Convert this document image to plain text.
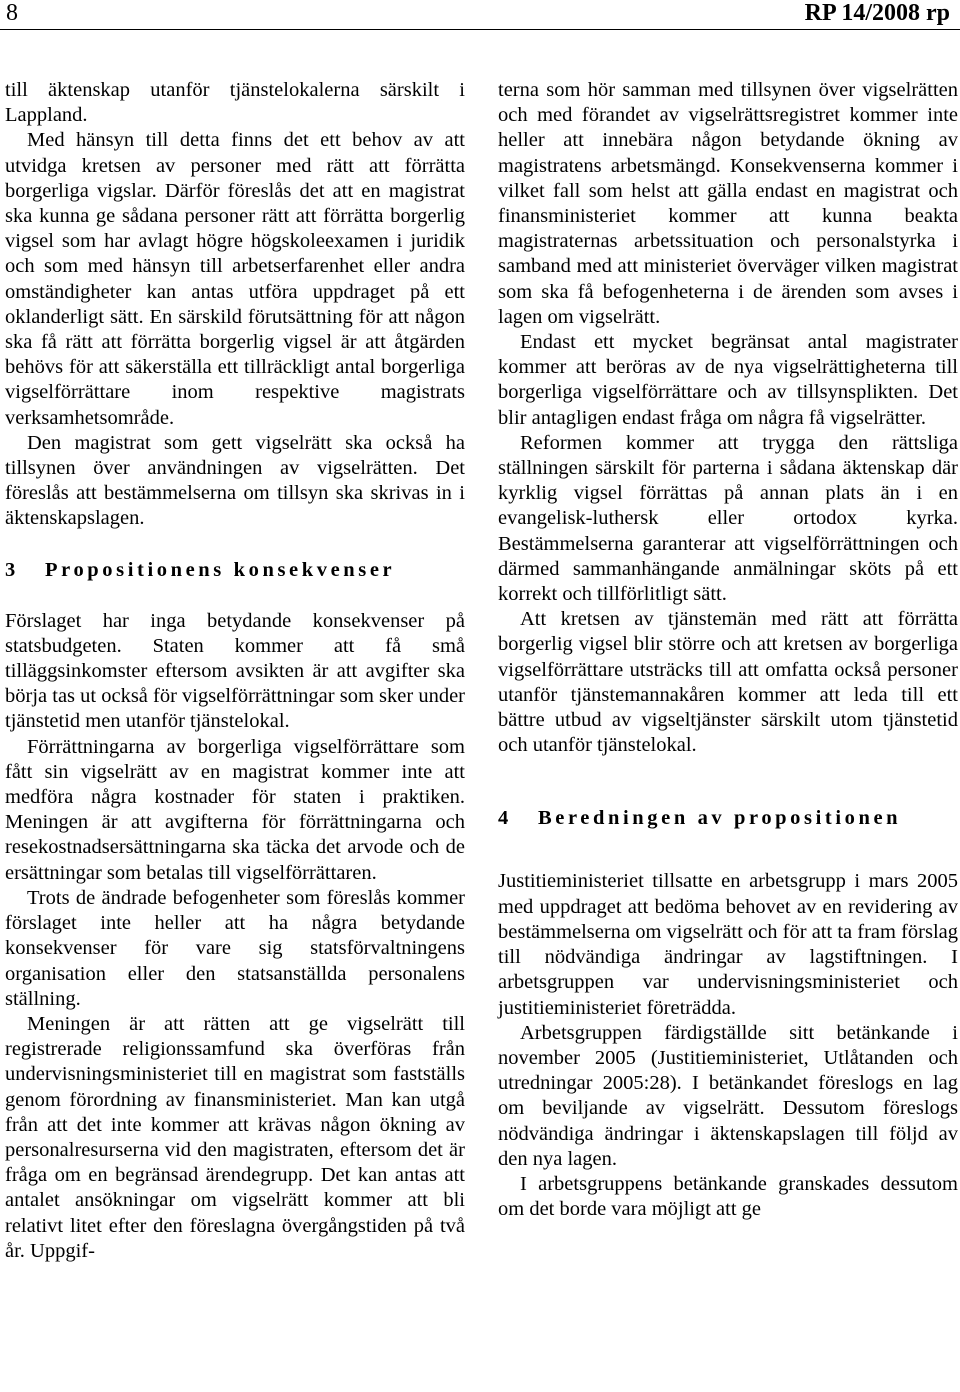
8	RP 14/2008 rp

till äktenskap utanför tjänstelokalerna särskilt i Lappland.

Med hänsyn till detta finns det ett behov av att utvidga kretsen av personer med rätt att förrätta borgerliga vigslar. Därför föreslås det att en magistrat ska kunna ge sådana personer rätt att förrätta borgerlig vigsel som har avlagt högre högskoleexamen i juridik och som med hänsyn till arbetserfarenhet eller andra omständigheter kan antas utföra uppdraget på ett oklanderligt sätt. En särskild förutsättning för att någon ska få rätt att förrätta borgerlig vigsel är att åtgärden behövs för att säkerställa ett tillräckligt antal borgerliga vigselförrättare inom respektive magistrats verksamhetsområde.

Den magistrat som gett vigselrätt ska också ha tillsynen över användningen av vigselrätten. Det föreslås att bestämmelserna om tillsyn ska skrivas in i äktenskapslagen.

3	Propositionens konsekvenser

Förslaget har inga betydande konsekvenser på statsbudgeten. Staten kommer att få små tilläggsinkomster eftersom avsikten är att avgifter ska börja tas ut också för vigselförrättningar som sker under tjänstetid men utanför tjänstelokal.

Förrättningarna av borgerliga vigselförrättare som fått sin vigselrätt av en magistrat kommer inte att medföra några kostnader för staten i praktiken. Meningen är att avgifterna för förrättningarna och resekostnadsersättningarna ska täcka det arvode och de ersättningar som betalas till vigselförrättaren.

Trots de ändrade befogenheter som föreslås kommer förslaget inte heller att ha några betydande konsekvenser för vare sig statsförvaltningens organisation eller den statsanställda personalens ställning.

Meningen är att rätten att ge vigselrätt till registrerade religionssamfund ska överföras från undervisningsministeriet till en magistrat som fastställs genom förordning av finansministeriet. Man kan utgå från att det inte kommer att krävas någon ökning av personalresurserna vid den magistraten, eftersom det är fråga om en begränsad ärendegrupp. Det kan antas att antalet ansökningar om vigselrätt kommer att bli relativt litet efter den föreslagna övergångstiden på två år. Uppgif-

terna som hör samman med tillsynen över vigselrätten och med förandet av vigselrättsregistret kommer inte heller att innebära någon betydande ökning av magistratens arbetsmängd. Konsekvenserna kommer i vilket fall som helst att gälla endast en magistrat och finansministeriet kommer att kunna beakta magistraternas arbetssituation och personalstyrka i samband med att ministeriet överväger vilken magistrat som ska få befogenheterna i de ärenden som avses i lagen om vigselrätt.

Endast ett mycket begränsat antal magistrater kommer att beröras av de nya vigselrättigheterna till borgerliga vigselförrättare och av tillsynsplikten. Det blir antagligen endast fråga om några få vigselrätter.

Reformen kommer att trygga den rättsliga ställningen särskilt för parterna i sådana äktenskap där kyrklig vigsel förrättas på annan plats än i en evangelisk-luthersk eller ortodox kyrka. Bestämmelserna garanterar att vigselförrättningen och därmed sammanhängande anmälningar sköts på ett korrekt och tillförlitligt sätt.

Att kretsen av tjänstemän med rätt att förrätta borgerlig vigsel blir större och att kretsen av borgerliga vigselförrättare utsträcks till att omfatta också personer utanför tjänstemannakåren kommer att leda till ett bättre utbud av vigseltjänster särskilt utom tjänstetid och utanför tjänstelokal.

4	Beredningen av propositionen

Justitieministeriet tillsatte en arbetsgrupp i mars 2005 med uppdraget att bedöma behovet av en revidering av bestämmelserna om vigselrätt och för att ta fram förslag till nödvändiga ändringar av lagstiftningen. I arbetsgruppen var undervisningsministeriet och justitieministeriet företrädda.

Arbetsgruppen färdigställde sitt betänkande i november 2005 (Justitieministeriet, Utlåtanden och utredningar 2005:28). I betänkandet föreslogs en lag om beviljande av vigselrätt. Dessutom föreslogs nödvändiga ändringar i äktenskapslagen till följd av den nya lagen.

I arbetsgruppens betänkande granskades dessutom om det borde vara möjligt att ge
